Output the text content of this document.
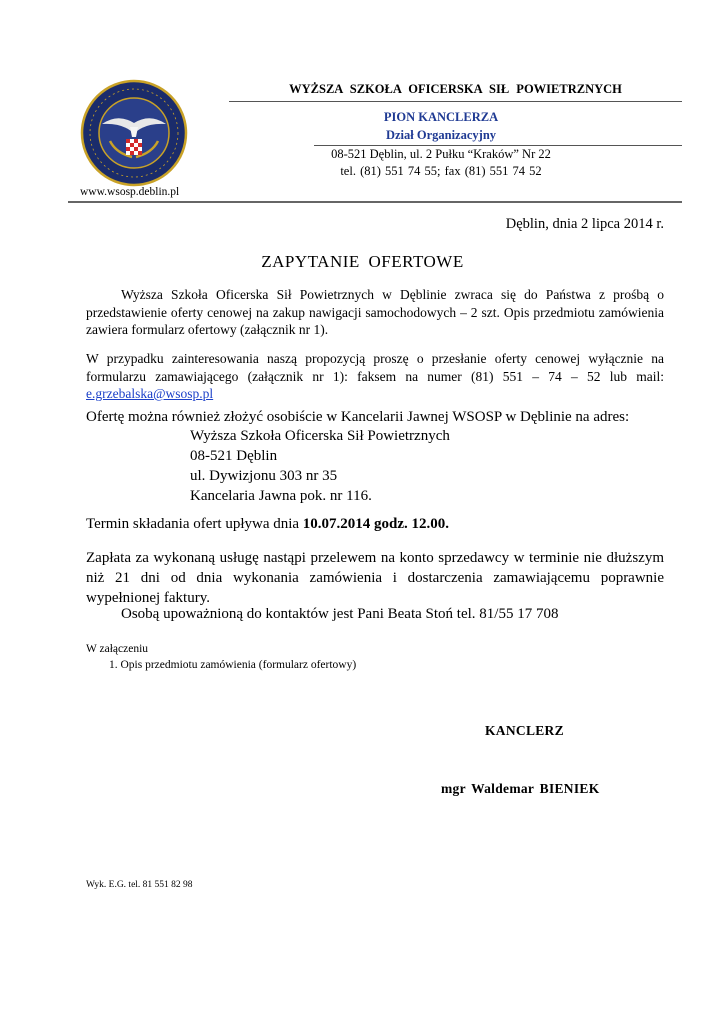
www.wsosp.deblin.pl
WYŻSZA SZKOŁA OFICERSKA SIŁ POWIETRZNYCH
PION KANCLERZA
Dział Organizacyjny
08-521 Dęblin, ul. 2 Pułku “Kraków” Nr 22
tel. (81) 551 74 55; fax (81) 551 74 52
Dęblin, dnia 2 lipca 2014 r.
ZAPYTANIE OFERTOWE
Wyższa Szkoła Oficerska Sił Powietrznych w Dęblinie zwraca się do Państwa z prośbą o przedstawienie oferty cenowej na zakup nawigacji samochodowych – 2 szt. Opis przedmiotu zamówienia zawiera formularz ofertowy (załącznik nr 1).
W przypadku zainteresowania naszą propozycją proszę o przesłanie oferty cenowej wyłącznie na formularzu zamawiającego (załącznik nr 1): faksem na numer (81) 551 – 74 – 52 lub mail: e.grzebalska@wsosp.pl
Ofertę można również złożyć osobiście w Kancelarii Jawnej WSOSP w Dęblinie na adres:
Wyższa Szkoła Oficerska Sił Powietrznych
08-521 Dęblin
ul. Dywizjonu 303 nr 35
Kancelaria Jawna pok. nr 116.
Termin składania ofert upływa dnia 10.07.2014 godz. 12.00.
Zapłata za wykonaną usługę nastąpi przelewem na konto sprzedawcy w terminie nie dłuższym niż 21 dni od dnia wykonania zamówienia i dostarczenia zamawiającemu poprawnie wypełnionej faktury.
Osobą upoważnioną do kontaktów jest Pani Beata Stoń tel. 81/55 17 708
W załączeniu
1. Opis przedmiotu zamówienia (formularz ofertowy)
KANCLERZ
mgr Waldemar BIENIEK
Wyk. E.G. tel. 81 551 82 98
